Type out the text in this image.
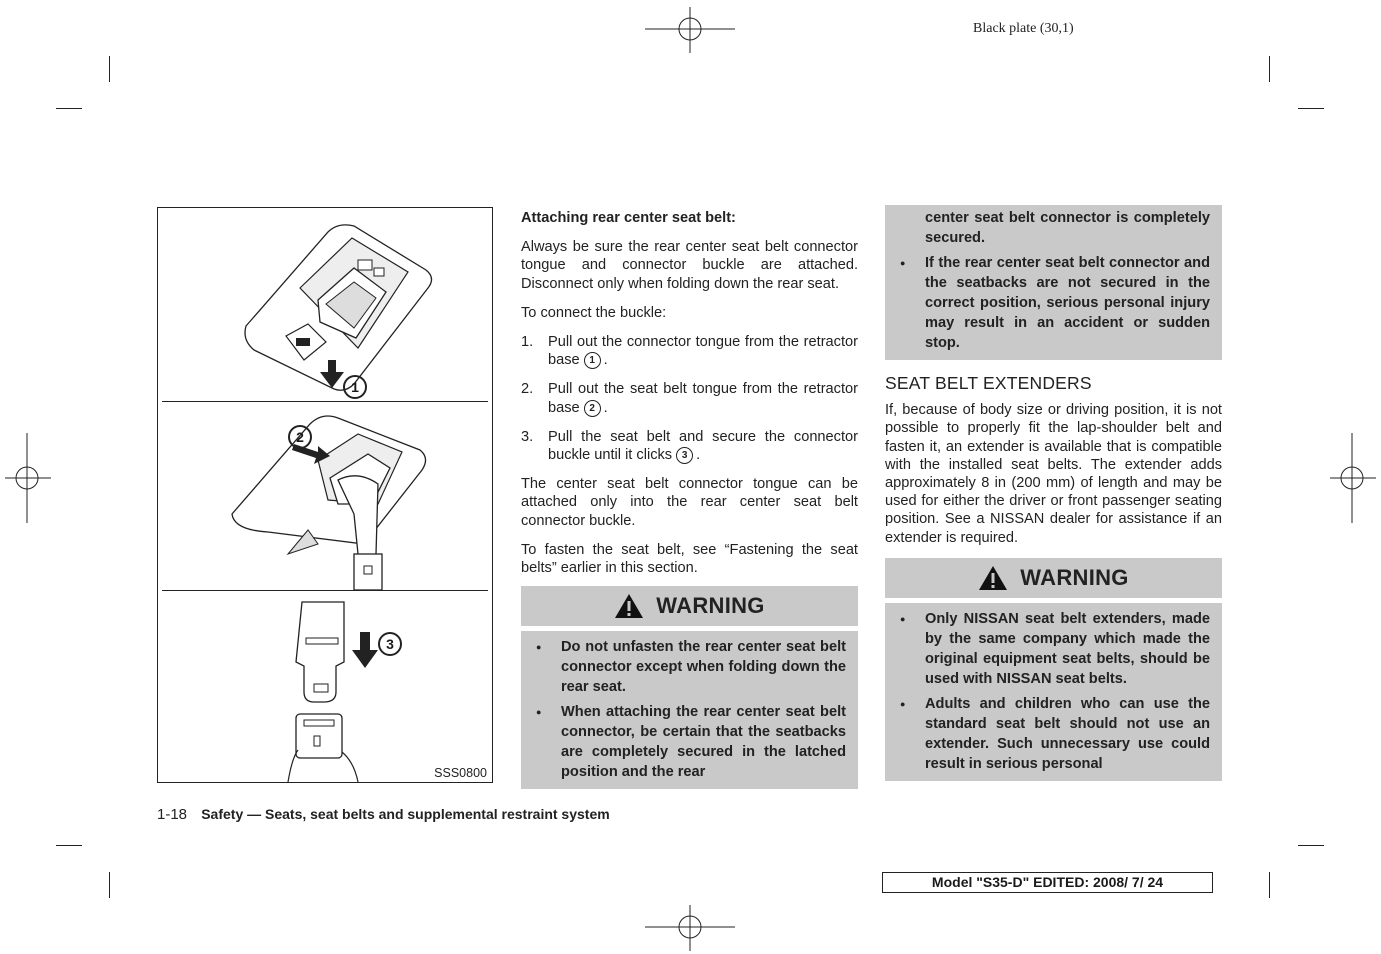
Black plate (30,1)
1
2
3
SSS0800

Attaching rear center seat belt:

Always be sure the rear center seat belt connector tongue and connector buckle are attached. Disconnect only when folding down the rear seat.

To connect the buckle:

1. Pull out the connector tongue from the retractor base 1 .
2. Pull out the seat belt tongue from the retractor base 2 .
3. Pull the seat belt and secure the connector buckle until it clicks 3 .

The center seat belt connector tongue can be attached only into the rear center seat belt connector buckle.

To fasten the seat belt, see “Fastening the seat belts” earlier in this section.

WARNING
● Do not unfasten the rear center seat belt connector except when folding down the rear seat.
● When attaching the rear center seat belt connector, be certain that the seatbacks are completely secured in the latched position and the rear
center seat belt connector is completely secured.
● If the rear center seat belt connector and the seatbacks are not secured in the correct position, serious personal injury may result in an accident or sudden stop.
SEAT BELT EXTENDERS

If, because of body size or driving position, it is not possible to properly fit the lap-shoulder belt and fasten it, an extender is available that is compatible with the installed seat belts. The extender adds approximately 8 in (200 mm) of length and may be used for either the driver or front passenger seating position. See a NISSAN dealer for assistance if an extender is required.

WARNING
● Only NISSAN seat belt extenders, made by the same company which made the original equipment seat belts, should be used with NISSAN seat belts.
● Adults and children who can use the standard seat belt should not use an extender. Such unnecessary use could result in serious personal
1-18 Safety — Seats, seat belts and supplemental restraint system
Model "S35-D" EDITED: 2008/ 7/ 24
